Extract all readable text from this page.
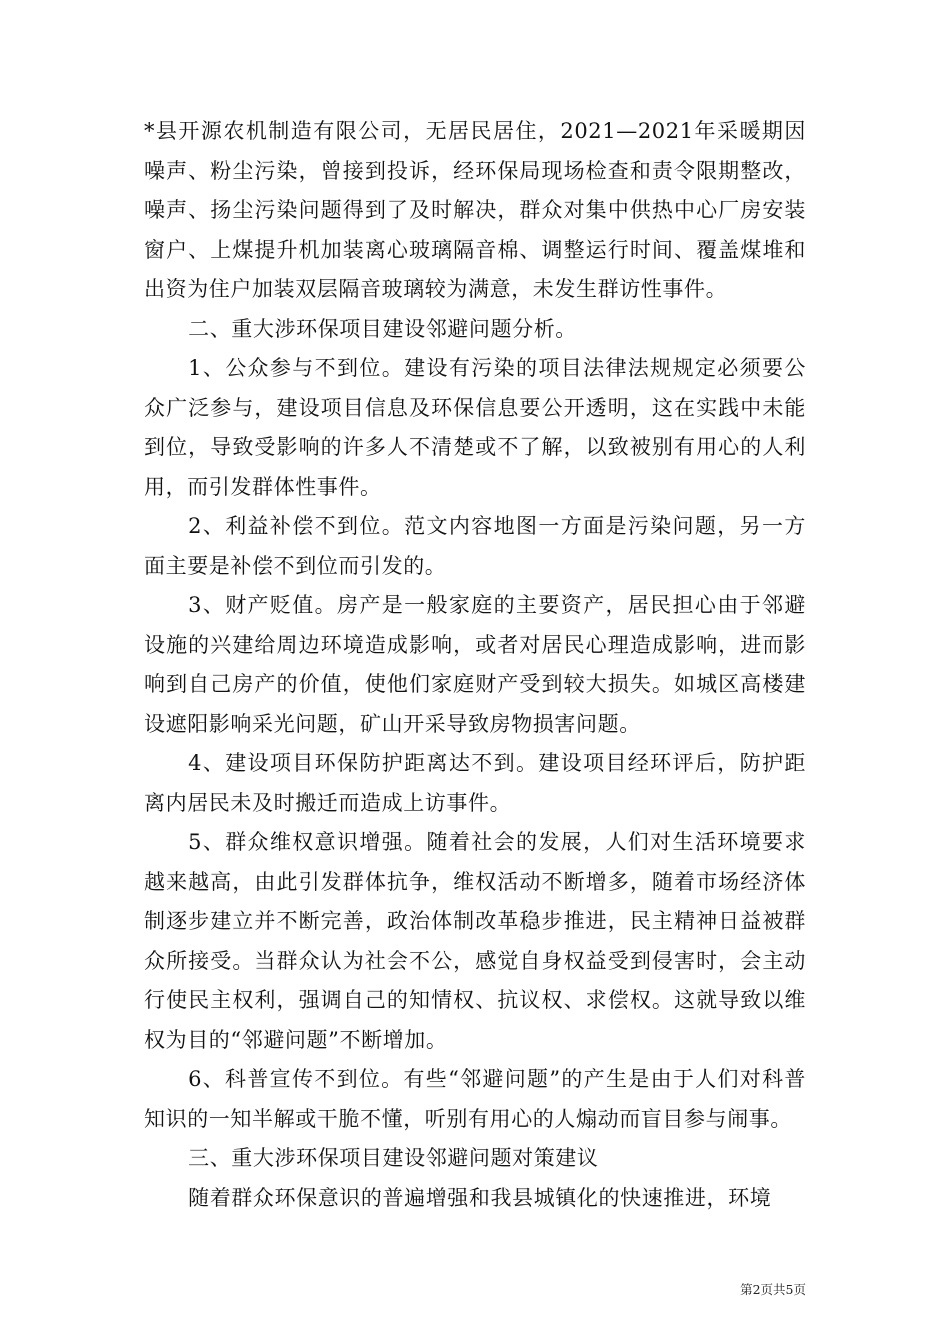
*县开源农机制造有限公司，无居民居住，2021—2021年采暖期因噪声、粉尘污染，曾接到投诉，经环保局现场检查和责令限期整改，噪声、扬尘污染问题得到了及时解决，群众对集中供热中心厂房安装窗户、上煤提升机加装离心玻璃隔音棉、调整运行时间、覆盖煤堆和出资为住户加装双层隔音玻璃较为满意，未发生群访性事件。

二、重大涉环保项目建设邻避问题分析。

1、公众参与不到位。建设有污染的项目法律法规规定必须要公众广泛参与，建设项目信息及环保信息要公开透明，这在实践中未能到位，导致受影响的许多人不清楚或不了解，以致被别有用心的人利用，而引发群体性事件。

2、利益补偿不到位。范文内容地图一方面是污染问题，另一方面主要是补偿不到位而引发的。

3、财产贬值。房产是一般家庭的主要资产，居民担心由于邻避设施的兴建给周边环境造成影响，或者对居民心理造成影响，进而影响到自己房产的价值，使他们家庭财产受到较大损失。如城区高楼建设遮阳影响采光问题，矿山开采导致房物损害问题。

4、建设项目环保防护距离达不到。建设项目经环评后，防护距离内居民未及时搬迁而造成上访事件。

5、群众维权意识增强。随着社会的发展，人们对生活环境要求越来越高，由此引发群体抗争，维权活动不断增多，随着市场经济体制逐步建立并不断完善，政治体制改革稳步推进，民主精神日益被群众所接受。当群众认为社会不公，感觉自身权益受到侵害时，会主动行使民主权利，强调自己的知情权、抗议权、求偿权。这就导致以维权为目的“邻避问题”不断增加。

6、科普宣传不到位。有些“邻避问题”的产生是由于人们对科普知识的一知半解或干脆不懂，听别有用心的人煽动而盲目参与闹事。

三、重大涉环保项目建设邻避问题对策建议

随着群众环保意识的普遍增强和我县城镇化的快速推进，环境

第2页共5页
